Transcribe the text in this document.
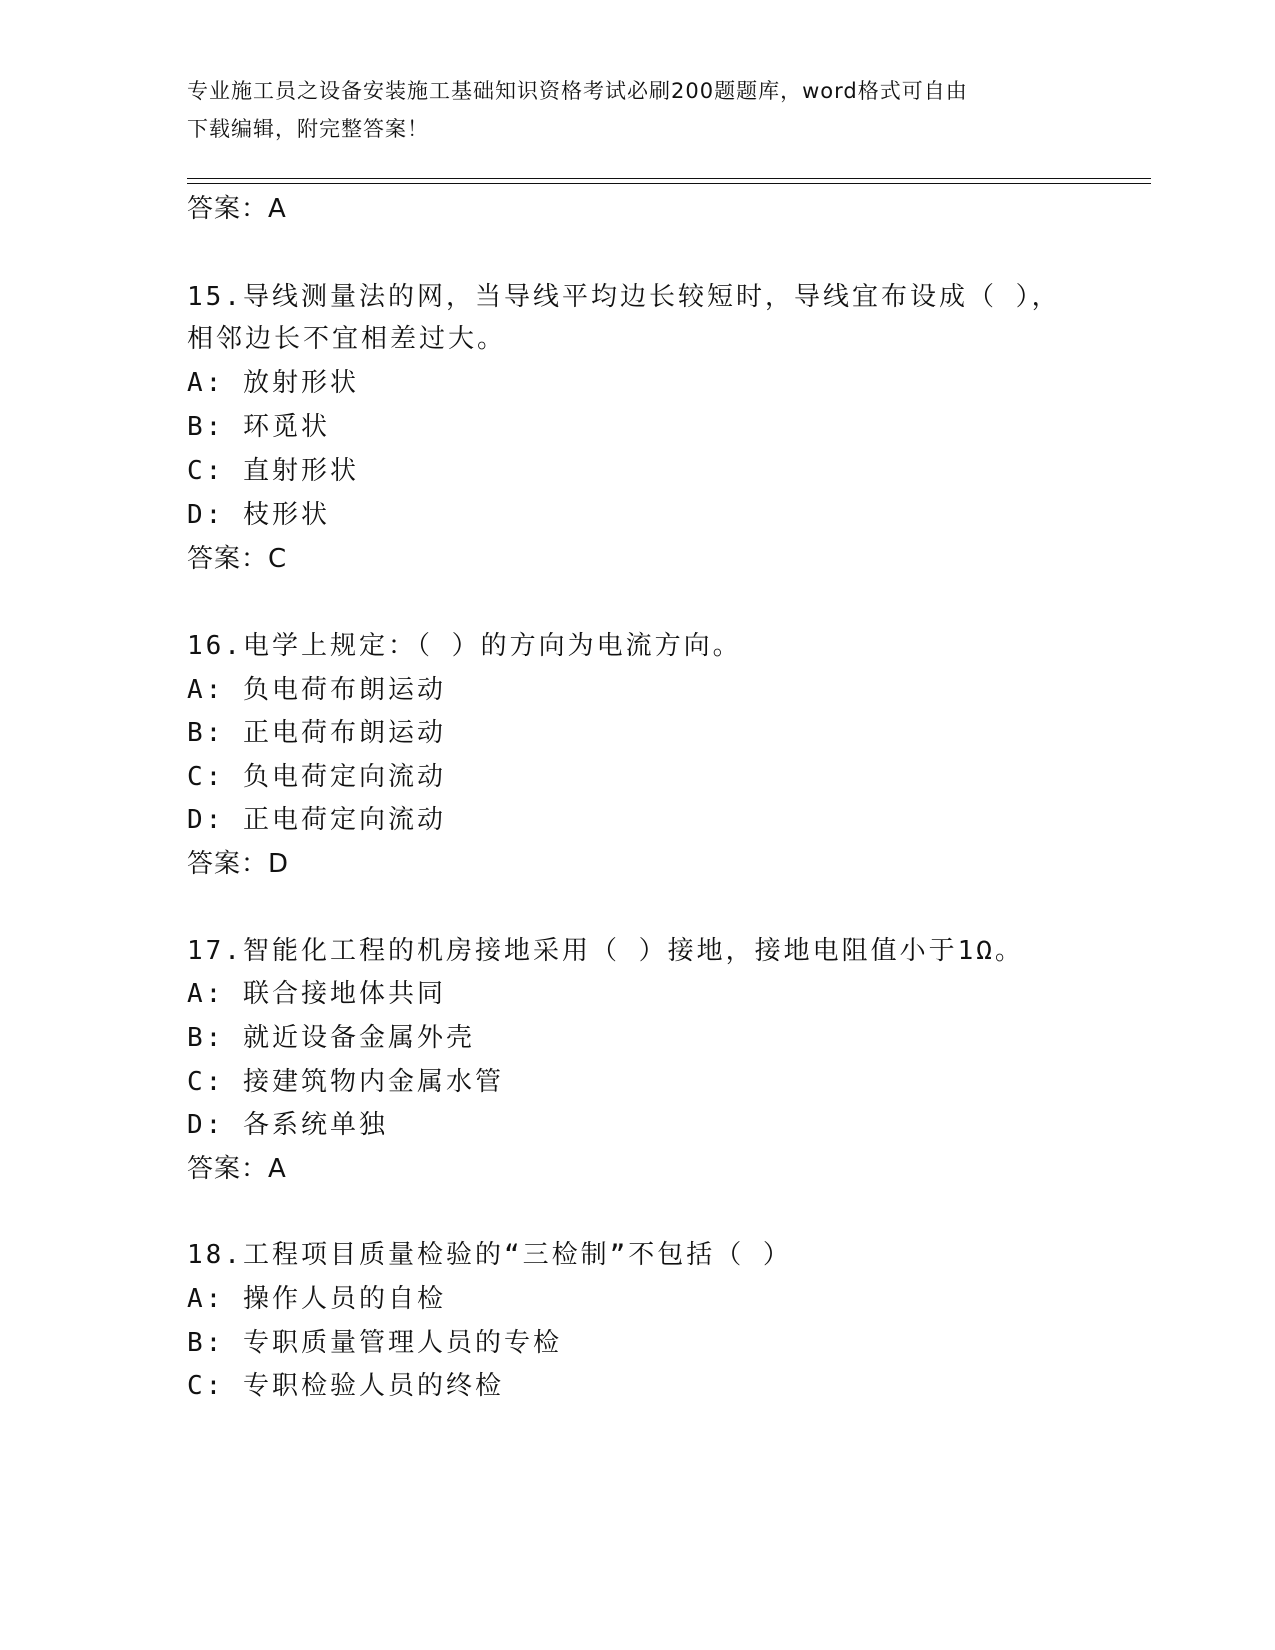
专业施工员之设备安装施工基础知识资格考试必刷200题题库，word格式可自由
下载编辑，附完整答案！
答案：A
15.导线测量法的网，当导线平均边长较短时，导线宜布设成（ ），
相邻边长不宜相差过大。
A: 放射形状
B: 环觅状
C: 直射形状
D: 枝形状
答案：C
16.电学上规定：（ ）的方向为电流方向。
A: 负电荷布朗运动
B: 正电荷布朗运动
C: 负电荷定向流动
D: 正电荷定向流动
答案：D
17.智能化工程的机房接地采用（ ）接地，接地电阻值小于1Ω。
A: 联合接地体共同
B: 就近设备金属外壳
C: 接建筑物内金属水管
D: 各系统单独
答案：A
18.工程项目质量检验的“三检制”不包括（ ）
A: 操作人员的自检
B: 专职质量管理人员的专检
C: 专职检验人员的终检
